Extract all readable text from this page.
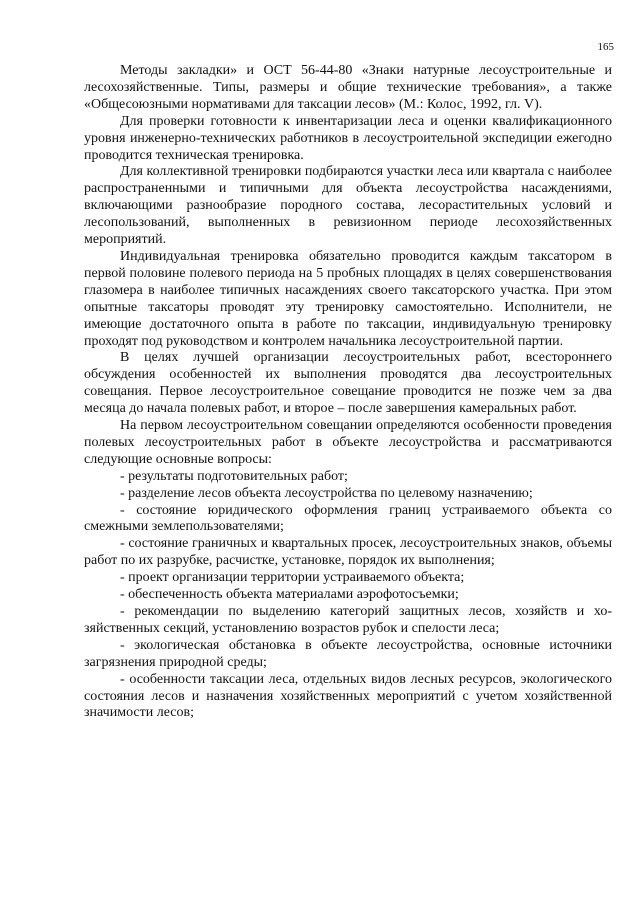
165

Методы закладки» и ОСТ 56-44-80 «Знаки натурные лесоустроительные и лесохозяйственные. Типы, размеры и общие технические требования», а также «Общесоюзными нормативами для таксации лесов» (М.: Колос, 1992, гл. V).

Для проверки готовности к инвентаризации леса и оценки квалификационного уровня инженерно-технических работников в лесоустроительной экспедиции ежегодно проводится техническая тренировка.

Для коллективной тренировки подбираются участки леса или квартала с наиболее распространенными и типичными для объекта лесоустройства насаждениями, включающими разнообразие породного состава, лесорастительных условий и лесопользований, выполненных в ревизионном периоде лесохозяйственных мероприятий.

Индивидуальная тренировка обязательно проводится каждым таксатором в первой половине полевого периода на 5 пробных площадях в целях совершенствования глазомера в наиболее типичных насаждениях своего таксаторского участка. При этом опытные таксаторы проводят эту тренировку самостоятельно. Исполнители, не имеющие достаточного опыта в работе по таксации, индивидуальную тренировку проходят под руководством и контролем начальника лесоустроительной партии.

В целях лучшей организации лесоустроительных работ, всестороннего обсуждения особенностей их выполнения проводятся два лесоустроительных совещания. Первое лесоустроительное совещание проводится не позже чем за два месяца до начала полевых работ, и второе – после завершения камеральных работ.

На первом лесоустроительном совещании определяются особенности проведения полевых лесоустроительных работ в объекте лесоустройства и рассматриваются следующие основные вопросы:

- результаты подготовительных работ;

- разделение лесов объекта лесоустройства по целевому назначению;

- состояние юридического оформления границ устраиваемого объекта со смежными землепользователями;

- состояние граничных и квартальных просек, лесоустроительных знаков, объемы работ по их разрубке, расчистке, установке, порядок их выполнения;

- проект организации территории устраиваемого объекта;

- обеспеченность объекта материалами аэрофотосъемки;

- рекомендации по выделению категорий защитных лесов, хозяйств и хозяйственных секций, установлению возрастов рубок и спелости леса;

- экологическая обстановка в объекте лесоустройства, основные источники загрязнения природной среды;

- особенности таксации леса, отдельных видов лесных ресурсов, экологического состояния лесов и назначения хозяйственных мероприятий с учетом хозяйственной значимости лесов;
